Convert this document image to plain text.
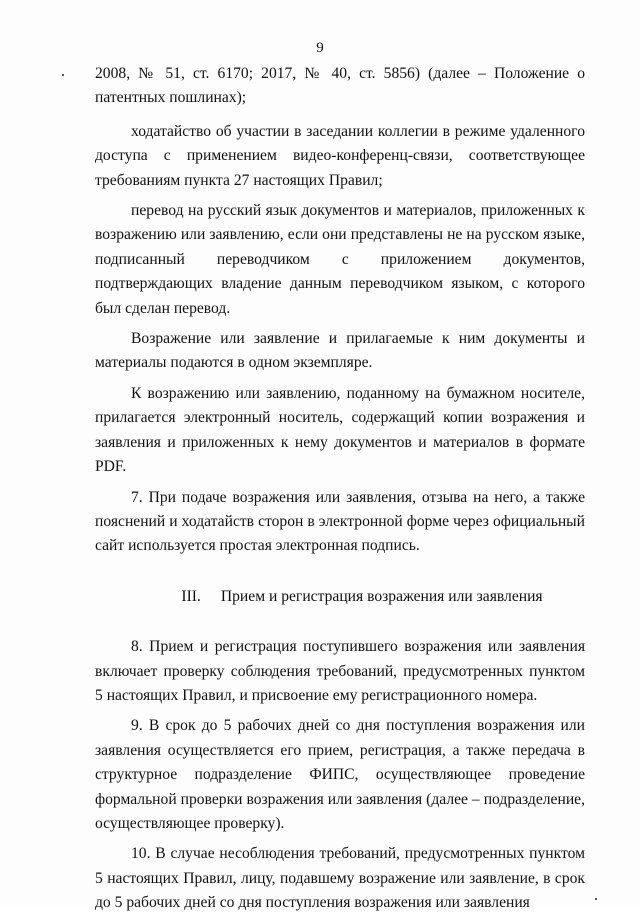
9

2008, № 51, ст. 6170; 2017, № 40, ст. 5856) (далее – Положение о патентных пошлинах);

ходатайство об участии в заседании коллегии в режиме удаленного доступа с применением видео-конференц-связи, соответствующее требованиям пункта 27 настоящих Правил;

перевод на русский язык документов и материалов, приложенных к возражению или заявлению, если они представлены не на русском языке, подписанный переводчиком с приложением документов, подтверждающих владение данным переводчиком языком, с которого был сделан перевод.

Возражение или заявление и прилагаемые к ним документы и материалы подаются в одном экземпляре.

К возражению или заявлению, поданному на бумажном носителе, прилагается электронный носитель, содержащий копии возражения и заявления и приложенных к нему документов и материалов в формате PDF.

7. При подаче возражения или заявления, отзыва на него, а также пояснений и ходатайств сторон в электронной форме через официальный сайт используется простая электронная подпись.

III. Прием и регистрация возражения или заявления

8. Прием и регистрация поступившего возражения или заявления включает проверку соблюдения требований, предусмотренных пунктом 5 настоящих Правил, и присвоение ему регистрационного номера.

9. В срок до 5 рабочих дней со дня поступления возражения или заявления осуществляется его прием, регистрация, а также передача в структурное подразделение ФИПС, осуществляющее проведение формальной проверки возражения или заявления (далее – подразделение, осуществляющее проверку).

10. В случае несоблюдения требований, предусмотренных пунктом 5 настоящих Правил, лицу, подавшему возражение или заявление, в срок до 5 рабочих дней со дня поступления возражения или заявления
